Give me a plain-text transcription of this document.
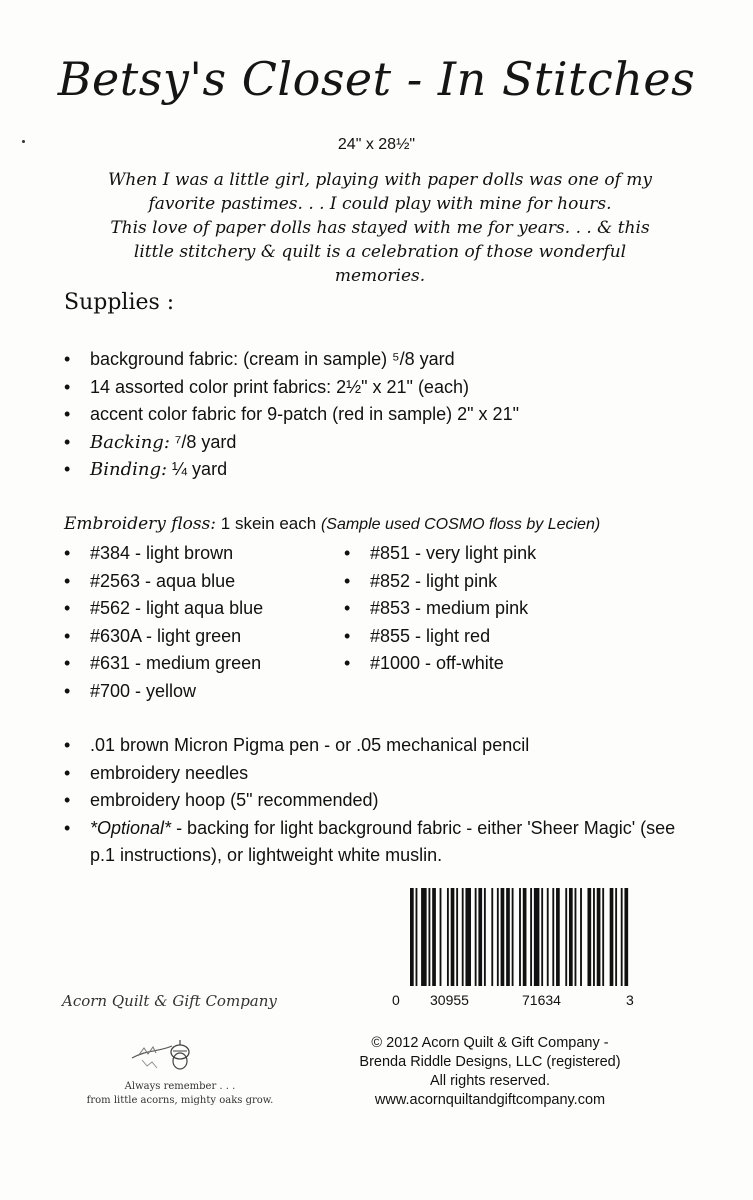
Betsy's Closet - In Stitches
24" x 28½"
When I was a little girl, playing with paper dolls was one of my
favorite pastimes. . . I could play with mine for hours.
This love of paper dolls has stayed with me for years. . . & this
little stitchery & quilt is a celebration of those wonderful memories.
Supplies :
• background fabric: (cream in sample) ⁵/8 yard
• 14 assorted color print fabrics: 2½" x 21" (each)
• accent color fabric for 9-patch (red in sample) 2" x 21"
• Backing: ⁷/8 yard
• Binding: ¼ yard
Embroidery floss: 1 skein each (Sample used COSMO floss by Lecien)
• #384 - light brown
• #2563 - aqua blue
• #562 - light aqua blue
• #630A - light green
• #631 - medium green
• #700 - yellow
• #851 - very light pink
• #852 - light pink
• #853 - medium pink
• #855 - light red
• #1000 - off-white
• .01 brown Micron Pigma pen - or .05 mechanical pencil
• embroidery needles
• embroidery hoop (5" recommended)
• *Optional* - backing for light background fabric - either 'Sheer Magic' (see p.1 instructions), or lightweight white muslin.
0 30955	71634	3
© 2012 Acorn Quilt & Gift Company -
Brenda Riddle Designs, LLC (registered)
All rights reserved.
www.acornquiltandgiftcompany.com
Acorn Quilt & Gift Company
Always remember . . .
from little acorns, mighty oaks grow.
